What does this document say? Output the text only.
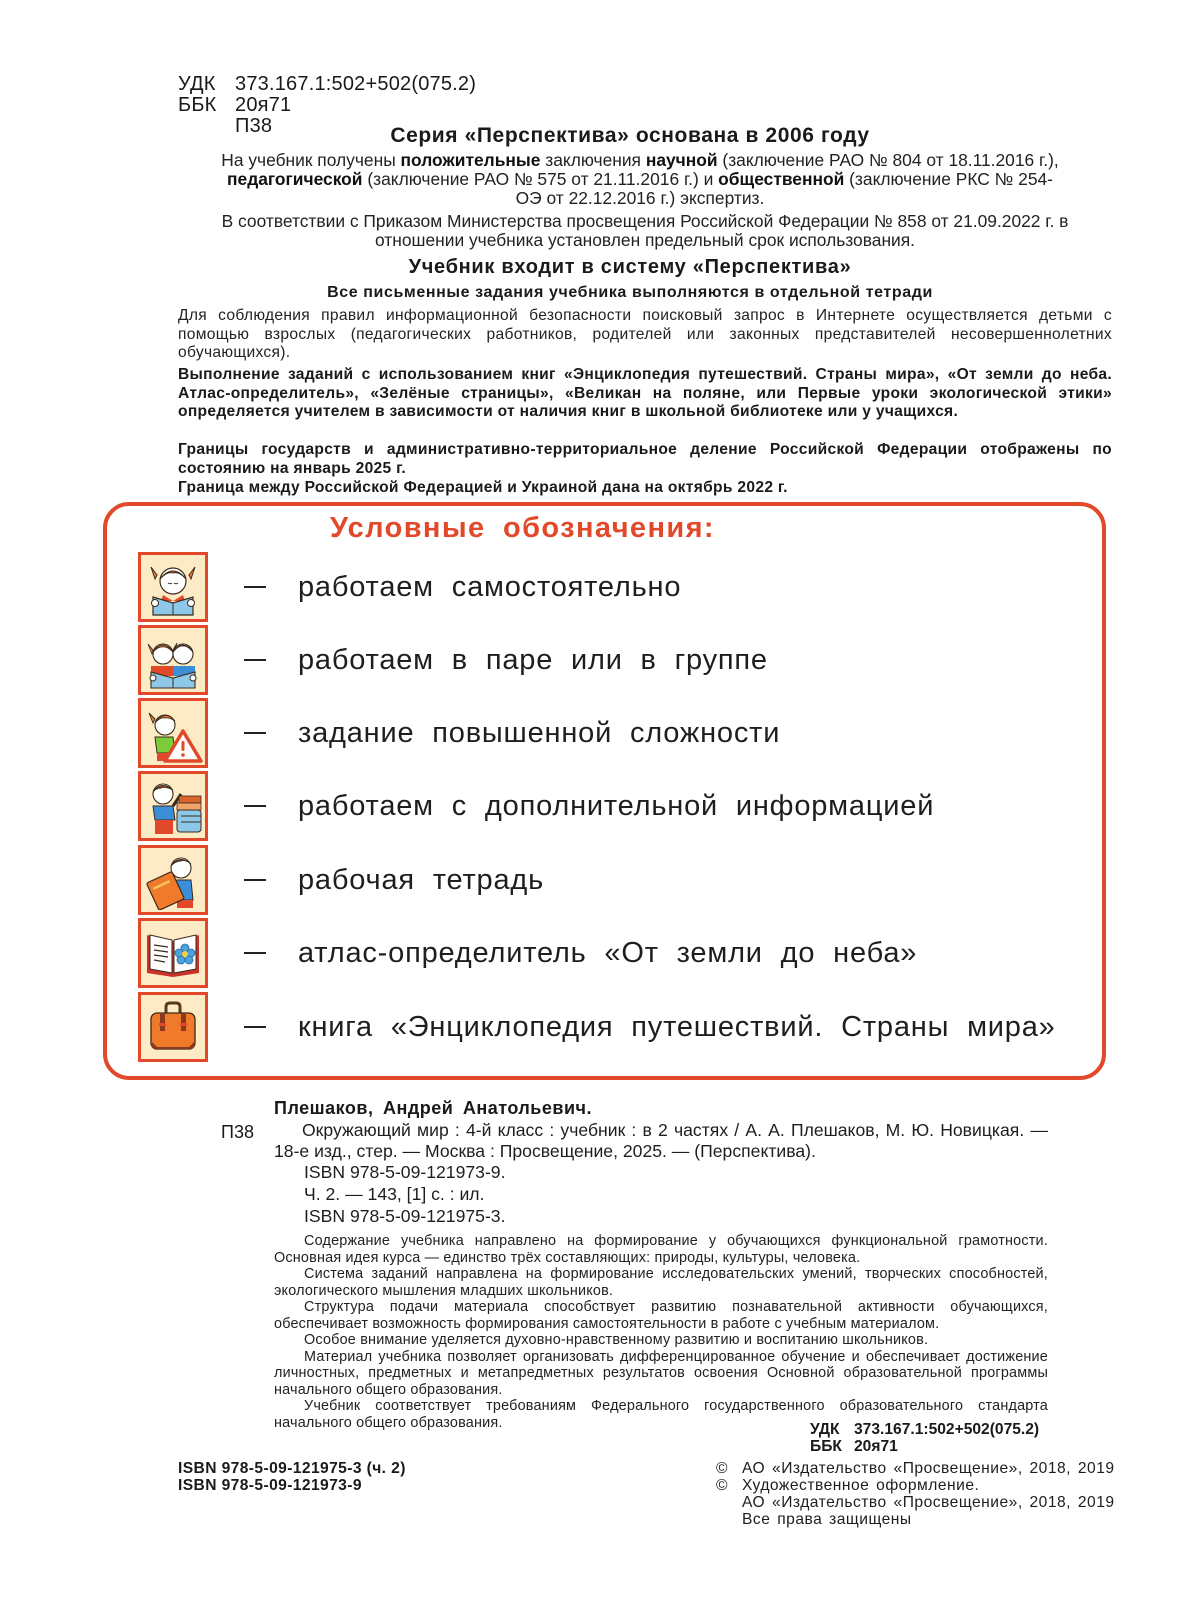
УДК 373.167.1:502+502(075.2)
ББК 20я71
П38	Серия «Перспектива» основана в 2006 году
На учебник получены положительные заключения научной (заключение РАО № 804 от 18.11.2016 г.), педагогической (заключение РАО № 575 от 21.11.2016 г.) и общественной (заключение РКС № 254-ОЭ от 22.12.2016 г.) экспертиз.
В соответствии с Приказом Министерства просвещения Российской Федерации № 858 от 21.09.2022 г. в отношении учебника установлен предельный срок использования.
Учебник входит в систему «Перспектива»
Все письменные задания учебника выполняются в отдельной тетради
Для соблюдения правил информационной безопасности поисковый запрос в Интернете осуществляется детьми с помощью взрослых (педагогических работников, родителей или законных представителей несовершеннолетних обучающихся).
Выполнение заданий с использованием книг «Энциклопедия путешествий. Страны мира», «От земли до неба. Атлас-определитель», «Зелёные страницы», «Великан на поляне, или Первые уроки экологической этики» определяется учителем в зависимости от наличия книг в школьной библиотеке или у учащихся.
Границы государств и административно-территориальное деление Российской Федерации отображены по состоянию на январь 2025 г.
Граница между Российской Федерацией и Украиной дана на октябрь 2022 г.
Условные обозначения:
работаем самостоятельно
работаем в паре или в группе
задание повышенной сложности
работаем с дополнительной информацией
рабочая тетрадь
атлас-определитель «От земли до неба»
книга «Энциклопедия путешествий. Страны мира»
Плешаков, Андрей Анатольевич.
П38	Окружающий мир : 4-й класс : учебник : в 2 частях / А. А. Плешаков, М. Ю. Новицкая. — 18-е изд., стер. — Москва : Просвещение, 2025. — (Перспектива).
ISBN 978-5-09-121973-9.
Ч. 2. — 143, [1] с. : ил.
ISBN 978-5-09-121975-3.

Содержание учебника направлено на формирование у обучающихся функциональной грамотности. Основная идея курса — единство трёх составляющих: природы, культуры, человека.

Система заданий направлена на формирование исследовательских умений, творческих способностей, экологического мышления младших школьников.

Структура подачи материала способствует развитию познавательной активности обучающихся, обеспечивает возможность формирования самостоятельности в работе с учебным материалом.

Особое внимание уделяется духовно-нравственному развитию и воспитанию школьников.

Материал учебника позволяет организовать дифференцированное обучение и обеспечивает достижение личностных, предметных и метапредметных результатов освоения Основной образовательной программы начального общего образования.

Учебник соответствует требованиям Федерального государственного образовательного стандарта начального общего образования.	УДК 373.167.1:502+502(075.2)
ББК 20я71
ISBN 978-5-09-121975-3 (ч. 2)
ISBN 978-5-09-121973-9
© АО «Издательство «Просвещение», 2018, 2019
© Художественное оформление.
АО «Издательство «Просвещение», 2018, 2019
Все права защищены
